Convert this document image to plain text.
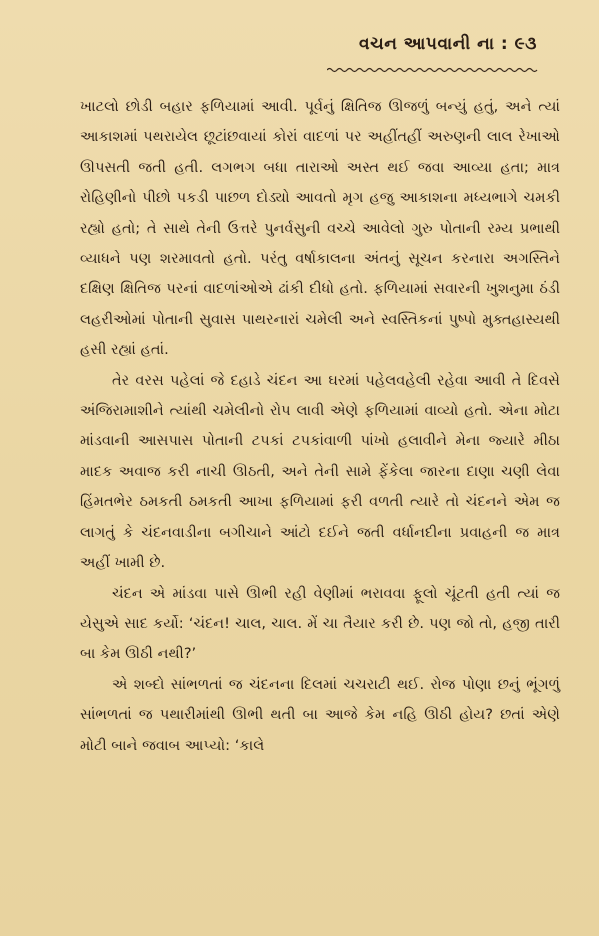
વચન આપવાની ના : ૯૩

ખાટલો છોડી બહાર ફળિયામાં આવી. પૂર્વનું ક્ષિતિજ ઊજળું બન્યું હતું, અને ત્યાં આકાશમાં પથરાયેલ છૂટાંછવાયાં કોરાં વાદળાં પર અહીંતહીં અરુણની લાલ રેખાઓ ઊપસતી જતી હતી. લગભગ બધા તારાઓ અસ્ત થઈ જવા આવ્યા હતા; માત્ર રોહિણીનો પીછો પકડી પાછળ દોડ્યો આવતો મૃગ હજુ આકાશના મધ્યભાગે ચમકી રહ્યો હતો; તે સાથે તેની ઉત્તરે પુનર્વસુની વચ્ચે આવેલો ગુરુ પોતાની રમ્ય પ્રભાથી વ્યાધને પણ શરમાવતો હતો. પરંતુ વર્ષાકાલના અંતનું સૂચન કરનારા અગસ્તિને દક્ષિણ ક્ષિતિજ પરનાં વાદળાંઓએ ઢાંકી દીધો હતો. ફળિયામાં સવારની ખુશનુમા ઠંડી લહરીઓમાં પોતાની સુવાસ પાથરનારાં ચમેલી અને સ્વસ્તિકનાં પુષ્પો મુક્તહાસ્યથી હસી રહ્યાં હતાં.

તેર વરસ પહેલાં જે દહાડે ચંદન આ ઘરમાં પહેલવહેલી રહેવા આવી તે દિવસે અંજિરામાશીને ત્યાંથી ચમેલીનો રોપ લાવી એણે ફળિયામાં વાવ્યો હતો. એના મોટા માંડવાની આસપાસ પોતાની ટપકાં ટપકાંવાળી પાંખો હલાવીને મેના જ્યારે મીઠા માદક અવાજ કરી નાચી ઊઠતી, અને તેની સામે ફેંકેલા જારના દાણા ચણી લેવા હિંમતભેર ઠમકતી ઠમકતી આખા ફળિયામાં ફરી વળતી ત્યારે તો ચંદનને એમ જ લાગતું કે ચંદનવાડીના બગીચાને આંટો દઈને જતી વર્ધાનદીના પ્રવાહની જ માત્ર અહીં ખામી છે.

ચંદન એ માંડવા પાસે ઊભી રહી વેણીમાં ભરાવવા ફૂલો ચૂંટતી હતી ત્યાં જ યેસુએ સાદ કર્યો: ‘ચંદન! ચાલ, ચાલ. મેં ચા તૈયાર કરી છે. પણ જો તો, હજી તારી બા કેમ ઊઠી નથી?’

એ શબ્દો સાંભળતાં જ ચંદનના દિલમાં ચચરાટી થઈ. રોજ પોણા છનું ભૂંગળું સાંભળતાં જ પથારીમાંથી ઊભી થતી બા આજે કેમ નહિ ઊઠી હોય? છતાં એણે મોટી બાને જવાબ આપ્યો: ‘કાલે
